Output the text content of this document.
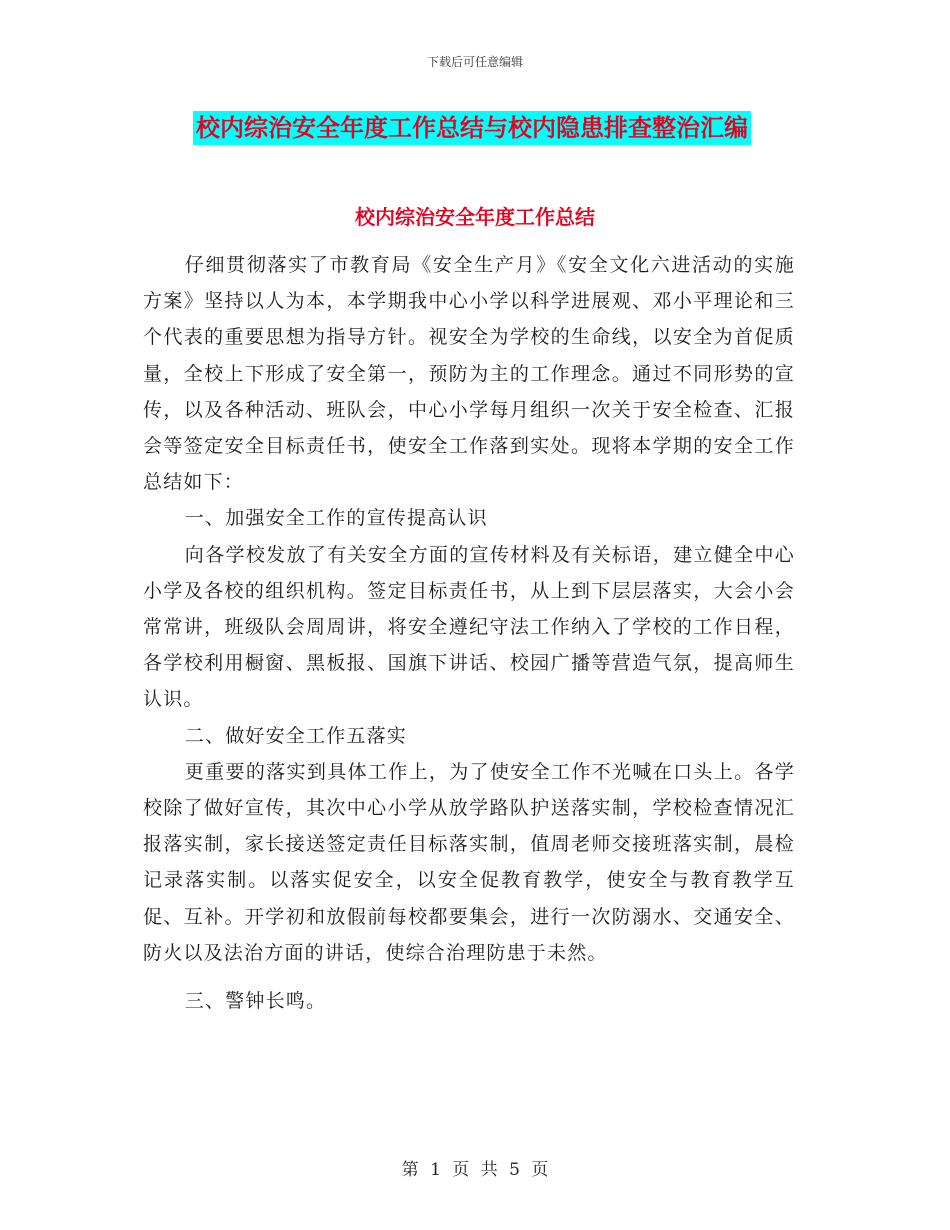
下载后可任意编辑
校内综治安全年度工作总结与校内隐患排查整治汇编
校内综治安全年度工作总结

仔细贯彻落实了市教育局《安全生产月》《安全文化六进活动的实施方案》坚持以人为本，本学期我中心小学以科学进展观、邓小平理论和三个代表的重要思想为指导方针。视安全为学校的生命线，以安全为首促质量，全校上下形成了安全第一，预防为主的工作理念。通过不同形势的宣传，以及各种活动、班队会，中心小学每月组织一次关于安全检查、汇报会等签定安全目标责任书，使安全工作落到实处。现将本学期的安全工作总结如下：

一、加强安全工作的宣传提高认识

向各学校发放了有关安全方面的宣传材料及有关标语，建立健全中心小学及各校的组织机构。签定目标责任书，从上到下层层落实，大会小会常常讲，班级队会周周讲，将安全遵纪守法工作纳入了学校的工作日程，各学校利用橱窗、黑板报、国旗下讲话、校园广播等营造气氛，提高师生认识。

二、做好安全工作五落实

更重要的落实到具体工作上，为了使安全工作不光喊在口头上。各学校除了做好宣传，其次中心小学从放学路队护送落实制，学校检查情况汇报落实制，家长接送签定责任目标落实制，值周老师交接班落实制，晨检记录落实制。以落实促安全，以安全促教育教学，使安全与教育教学互促、互补。开学初和放假前每校都要集会，进行一次防溺水、交通安全、防火以及法治方面的讲话，使综合治理防患于未然。

三、警钟长鸣。

第 1 页 共 5 页
